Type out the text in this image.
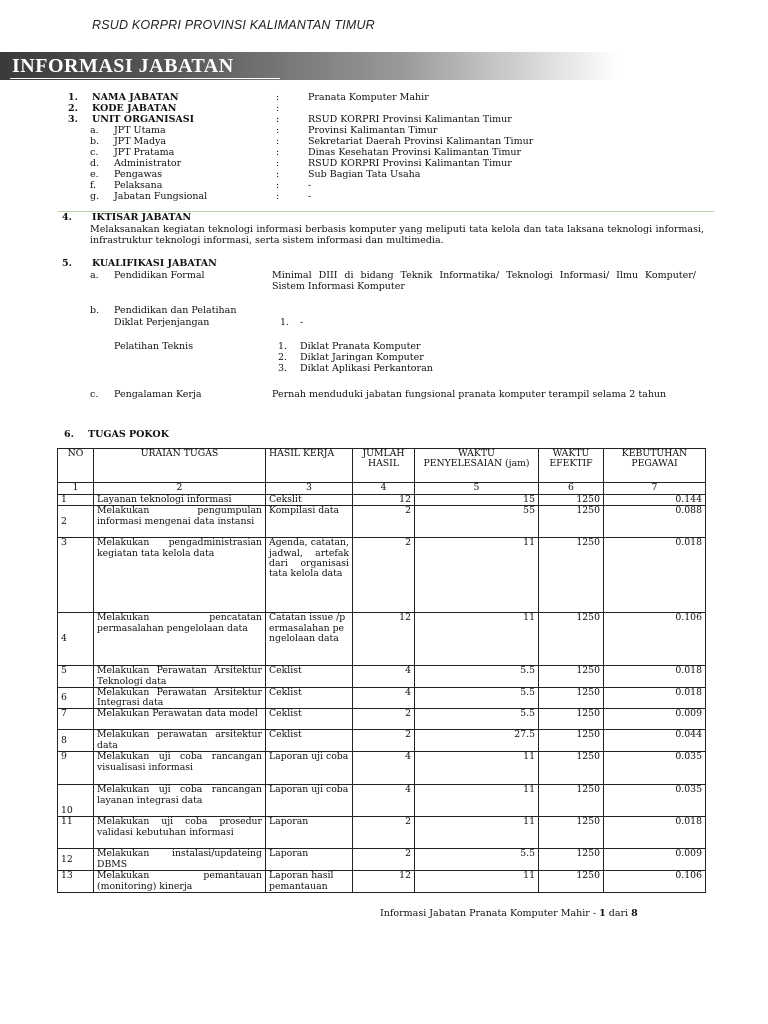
RSUD KORPRI PROVINSI KALIMANTAN TIMUR
INFORMASI JABATAN
1. NAMA JABATAN	:	Pranata Komputer Mahir
2. KODE JABATAN	:
3. UNIT ORGANISASI	:	RSUD KORPRI Provinsi Kalimantan Timur
a. JPT Utama	:	Provinsi Kalimantan Timur
b. JPT Madya	:	Sekretariat Daerah Provinsi Kalimantan Timur
c. JPT Pratama	:	Dinas Kesehatan Provinsi Kalimantan Timur
d. Administrator	:	RSUD KORPRI Provinsi Kalimantan Timur
e. Pengawas	:	Sub Bagian Tata Usaha
f. Pelaksana	:	-
g. Jabatan Fungsional	:	-
4. IKTISAR JABATAN
Melaksanakan kegiatan teknologi informasi berbasis komputer yang meliputi tata kelola dan tata laksana teknologi informasi, infrastruktur teknologi informasi, serta sistem informasi dan multimedia.
5. KUALIFIKASI JABATAN
a. Pendidikan Formal	Minimal DIII di bidang Teknik Informatika/ Teknologi Informasi/ Ilmu Komputer/ Sistem Informasi Komputer
b. Pendidikan dan Pelatihan
Diklat Perjenjangan	1. -
Pelatihan Teknis	1. Diklat Pranata Komputer
2. Diklat Jaringan Komputer
3. Diklat Aplikasi Perkantoran
c. Pengalaman Kerja	Pernah menduduki jabatan fungsional pranata komputer terampil selama 2 tahun
6. TUGAS POKOK
NO	URAIAN TUGAS	HASIL KERJA	JUMLAH HASIL	WAKTU PENYELESAIAN (jam)	WAKTU EFEKTIF	KEBUTUHAN PEGAWAI
1	2	3	4	5	6	7
1	Layanan teknologi informasi	Cekslit	12	15	1250	0.144
2	Melakukan pengumpulan informasi mengenai data instansi	Kompilasi data	2	55	1250	0.088
3	Melakukan pengadministrasian kegiatan tata kelola data	Agenda, catatan, jadwal, artefak dari organisasi tata kelola data	2	11	1250	0.018
4	Melakukan pencatatan permasalahan pengelolaan data	Catatan issue /permasalahan pengelolaan data	12	11	1250	0.106
5	Melakukan Perawatan Arsitektur Teknologi data	Ceklist	4	5.5	1250	0.018
6	Melakukan Perawatan Arsitektur Integrasi data	Ceklist	4	5.5	1250	0.018
7	Melakukan Perawatan data model	Ceklist	2	5.5	1250	0.009
8	Melakukan perawatan arsitektur data	Ceklist	2	27.5	1250	0.044
9	Melakukan uji coba rancangan visualisasi informasi	Laporan uji coba	4	11	1250	0.035
10	Melakukan uji coba rancangan layanan integrasi data	Laporan uji coba	4	11	1250	0.035
11	Melakukan uji coba prosedur validasi kebutuhan informasi	Laporan	2	11	1250	0.018
12	Melakukan instalasi/updateing DBMS	Laporan	2	5.5	1250	0.009
13	Melakukan pemantauan (monitoring) kinerja	Laporan hasil pemantauan	12	11	1250	0.106
Informasi Jabatan Pranata Komputer Mahir - 1 dari 8
